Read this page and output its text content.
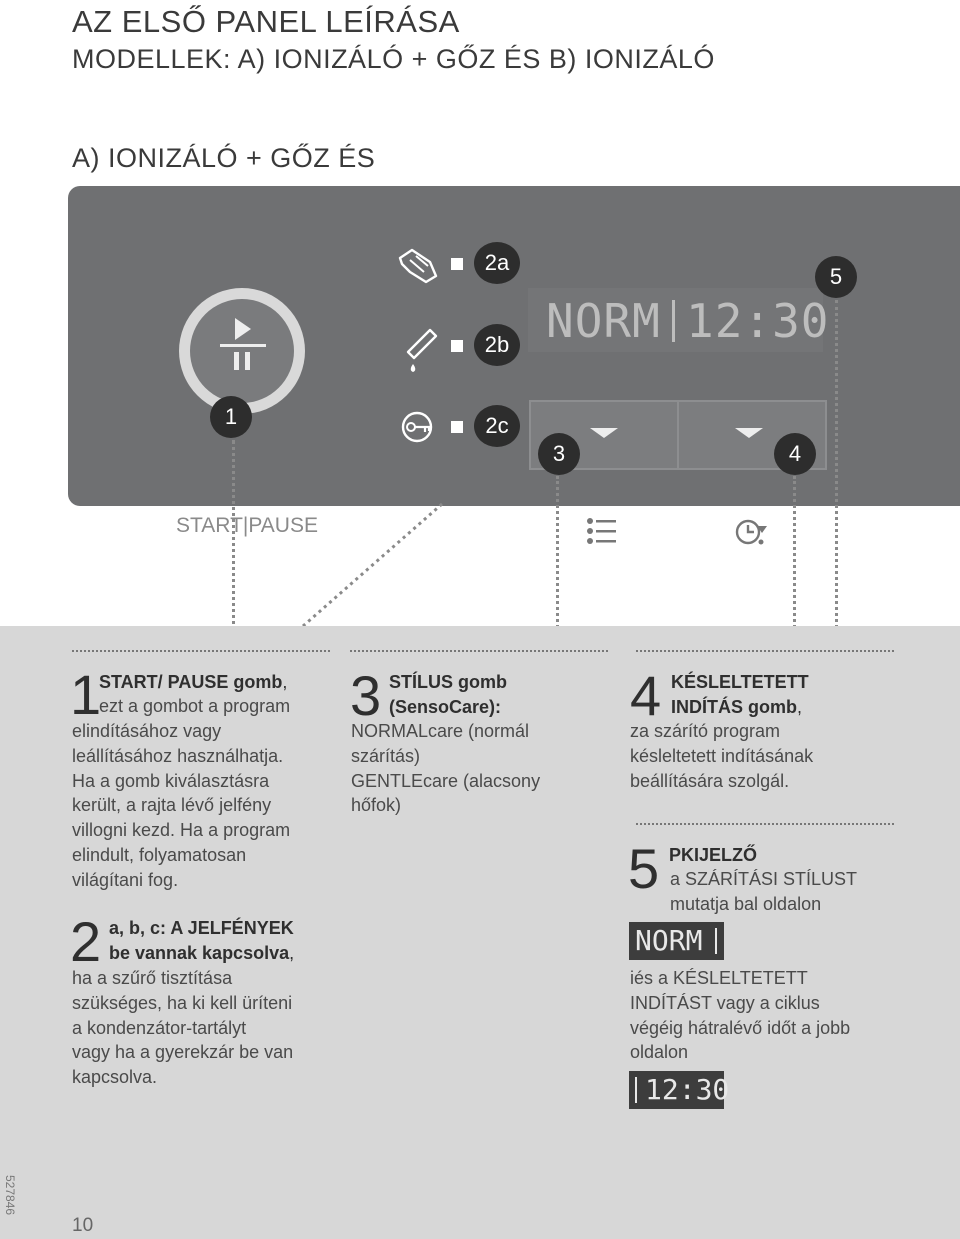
AZ ELSŐ PANEL LEÍRÁSA
MODELLEK: A) IONIZÁLÓ + GŐZ ÉS B) IONIZÁLÓ
A) IONIZÁLÓ + GŐZ ÉS
1
2a
2b
2c
NORM 12:30
5
3	4
START|PAUSE
1
START/ PAUSE gomb,
ezt a gombot a program
elindításához vagy
leállításához használhatja.
Ha a gomb kiválasztásra
került, a rajta lévő jelfény
villogni kezd. Ha a program
elindult, folyamatosan
világítani fog.
2 a, b, c: A JELFÉNYEK
be vannak kapcsolva,
ha a szűrő tisztítása
szükséges, ha ki kell üríteni
a kondenzátor-tartályt
vagy ha a gyerekzár be van
kapcsolva.
3 STÍLUS gomb
(SensoCare):
NORMALcare (normál
szárítás)
GENTLEcare (alacsony
hőfok)
4 KÉSLELTETETT
INDÍTÁS gomb,
za szárító program
késleltetett indításának
beállítására szolgál.
5 PKIJELZŐ
a SZÁRÍTÁSI STÍLUST
mutatja bal oldalon
NORM
iés a KÉSLELTETETT
INDÍTÁST vagy a ciklus
végéig hátralévő időt a jobb
oldalon
12:30
527846
10
